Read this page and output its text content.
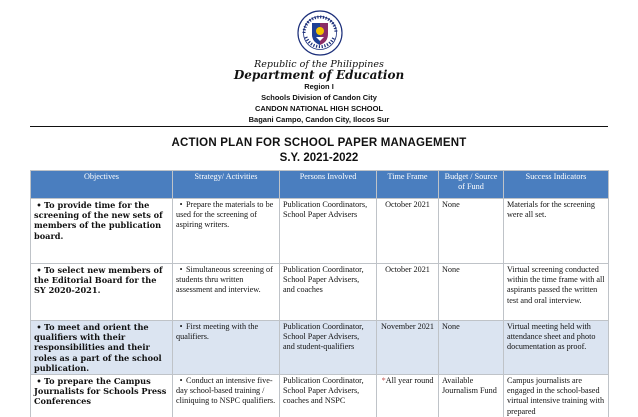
Republic of the Philippines
Department of Education
Region I
Schools Division of Candon City
CANDON NATIONAL HIGH SCHOOL
Bagani Campo, Candon City, Ilocos Sur
ACTION PLAN FOR SCHOOL PAPER MANAGEMENT
S.Y. 2021-2022
Objectives	Strategy/ Activities	Persons Involved	Time Frame	Budget / Source of Fund	Success Indicators
• To provide time for the screening of the new sets of members of the publication board.	• Prepare the materials to be used for the screening of aspiring writers.	Publication Coordinators, School Paper Advisers	October 2021	None	Materials for the screening were all set.
• To select new members of the Editorial Board for the SY 2020-2021.	• Simultaneous screening of students thru written assessment and interview.	Publication Coordinator, School Paper Advisers, and coaches	October 2021	None	Virtual screening conducted within the time frame with all aspirants passed the written test and oral interview.
• To meet and orient the qualifiers with their responsibilities and their roles as a part of the school publication.	• First meeting with the qualifiers.	Publication Coordinator, School Paper Advisers, and student-qualifiers	November 2021	None	Virtual meeting held with attendance sheet and photo documentation as proof.
• To prepare the Campus Journalists for Schools Press Conferences	• Conduct an intensive five-day school-based training / cliniquing to NSPC qualifiers.	Publication Coordinator, School Paper Advisers, coaches and NSPC	*All year round	Available Journalism Fund	Campus journalists are engaged in the school-based virtual intensive training with prepared
